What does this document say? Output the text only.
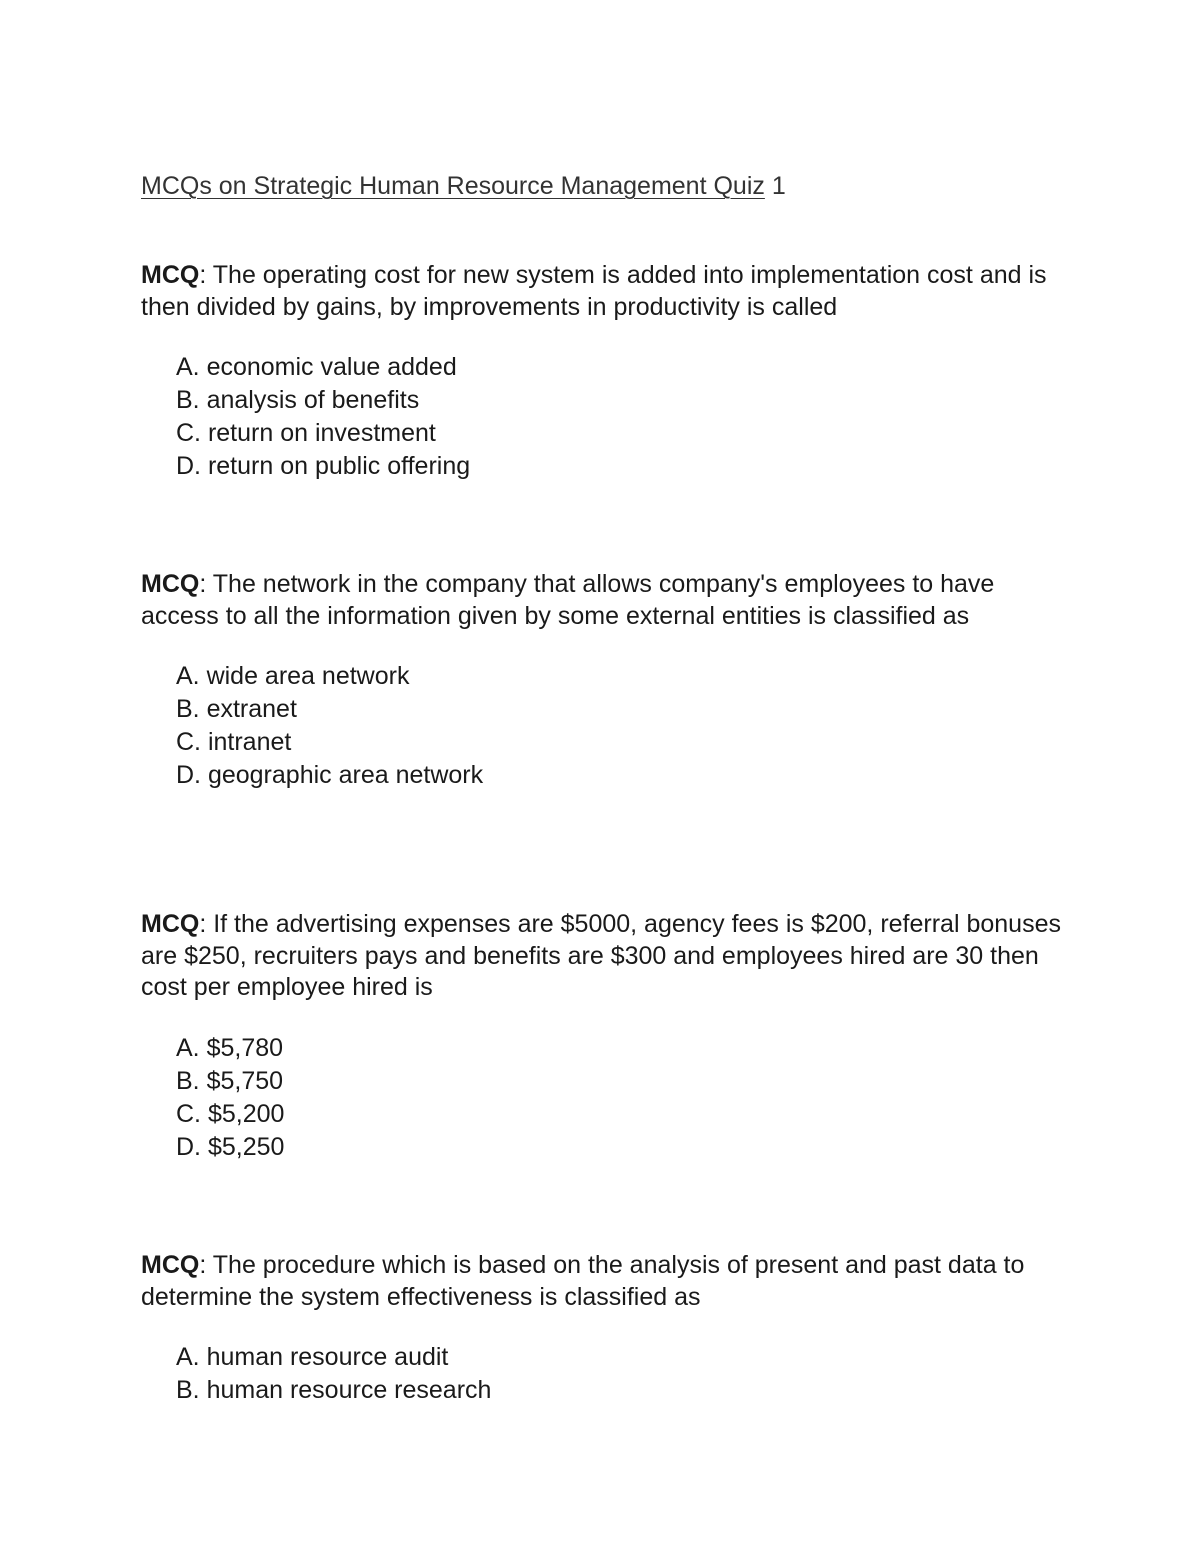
MCQs on Strategic Human Resource Management Quiz 1

MCQ: The operating cost for new system is added into implementation cost and is then divided by gains, by improvements in productivity is called

A. economic value added
B. analysis of benefits
C. return on investment
D. return on public offering

MCQ: The network in the company that allows company's employees to have access to all the information given by some external entities is classified as

A. wide area network
B. extranet
C. intranet
D. geographic area network

MCQ: If the advertising expenses are $5000, agency fees is $200, referral bonuses are $250, recruiters pays and benefits are $300 and employees hired are 30 then cost per employee hired is

A. $5,780
B. $5,750
C. $5,200
D. $5,250

MCQ: The procedure which is based on the analysis of present and past data to determine the system effectiveness is classified as

A. human resource audit
B. human resource research
